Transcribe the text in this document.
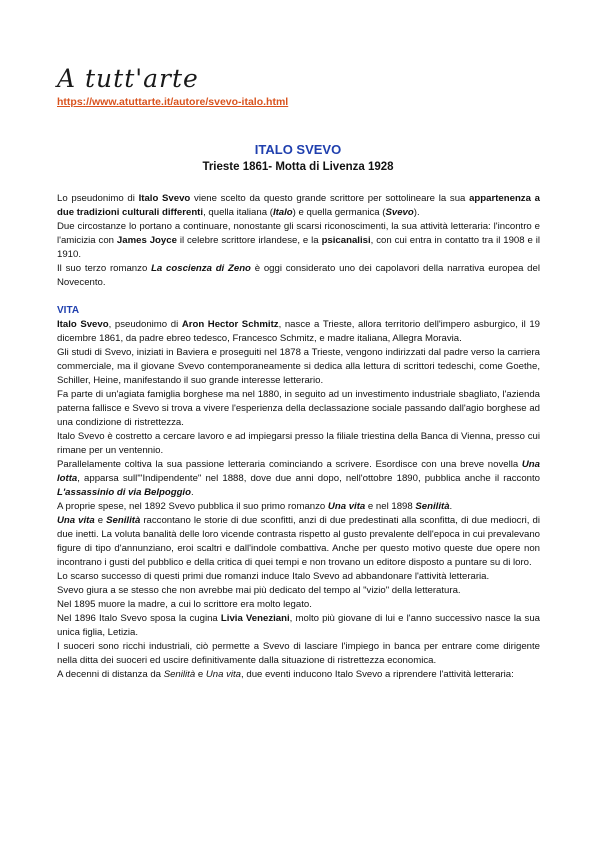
A tutt'arte
https://www.atuttarte.it/autore/svevo-italo.html
ITALO SVEVO
Trieste 1861- Motta di Livenza 1928

Lo pseudonimo di Italo Svevo viene scelto da questo grande scrittore per sottolineare la sua appartenenza a due tradizioni culturali differenti, quella italiana (Italo) e quella germanica (Svevo).

Due circostanze lo portano a continuare, nonostante gli scarsi riconoscimenti, la sua attività letteraria: l'incontro e l'amicizia con James Joyce il celebre scrittore irlandese, e la psicanalisi, con cui entra in contatto tra il 1908 e il 1910.

Il suo terzo romanzo La coscienza di Zeno è oggi considerato uno dei capolavori della narrativa europea del Novecento.

VITA

Italo Svevo, pseudonimo di Aron Hector Schmitz, nasce a Trieste, allora territorio dell'impero asburgico, il 19 dicembre 1861, da padre ebreo tedesco, Francesco Schmitz, e madre italiana, Allegra Moravia.

Gli studi di Svevo, iniziati in Baviera e proseguiti nel 1878 a Trieste, vengono indirizzati dal padre verso la carriera commerciale, ma il giovane Svevo contemporaneamente si dedica alla lettura di scrittori tedeschi, come Goethe, Schiller, Heine, manifestando il suo grande interesse letterario.

Fa parte di un'agiata famiglia borghese ma nel 1880, in seguito ad un investimento industriale sbagliato, l'azienda paterna fallisce e Svevo si trova a vivere l'esperienza della declassazione sociale passando dall'agio borghese ad una condizione di ristrettezza.

Italo Svevo è costretto a cercare lavoro e ad impiegarsi presso la filiale triestina della Banca di Vienna, presso cui rimane per un ventennio.

Parallelamente coltiva la sua passione letteraria cominciando a scrivere. Esordisce con una breve novella Una lotta, apparsa sull'"Indipendente" nel 1888, dove due anni dopo, nell'ottobre 1890, pubblica anche il racconto L'assassinio di via Belpoggio.

A proprie spese, nel 1892 Svevo pubblica il suo primo romanzo Una vita e nel 1898 Senilità.

Una vita e Senilità raccontano le storie di due sconfitti, anzi di due predestinati alla sconfitta, di due mediocri, di due inetti. La voluta banalità delle loro vicende contrasta rispetto al gusto prevalente dell'epoca in cui prevalevano figure di tipo d'annunziano, eroi scaltri e dall'indole combattiva. Anche per questo motivo queste due opere non incontrano i gusti del pubblico e della critica di quei tempi e non trovano un editore disposto a puntare su di loro.

Lo scarso successo di questi primi due romanzi induce Italo Svevo ad abbandonare l'attività letteraria.

Svevo giura a se stesso che non avrebbe mai più dedicato del tempo al "vizio" della letteratura.

Nel 1895 muore la madre, a cui lo scrittore era molto legato.

Nel 1896 Italo Svevo sposa la cugina Livia Veneziani, molto più giovane di lui e l'anno successivo nasce la sua unica figlia, Letizia.

I suoceri sono ricchi industriali, ciò permette a Svevo di lasciare l'impiego in banca per entrare come dirigente nella ditta dei suoceri ed uscire definitivamente dalla situazione di ristrettezza economica.

A decenni di distanza da Senilità e Una vita, due eventi inducono Italo Svevo a riprendere l'attività letteraria:
